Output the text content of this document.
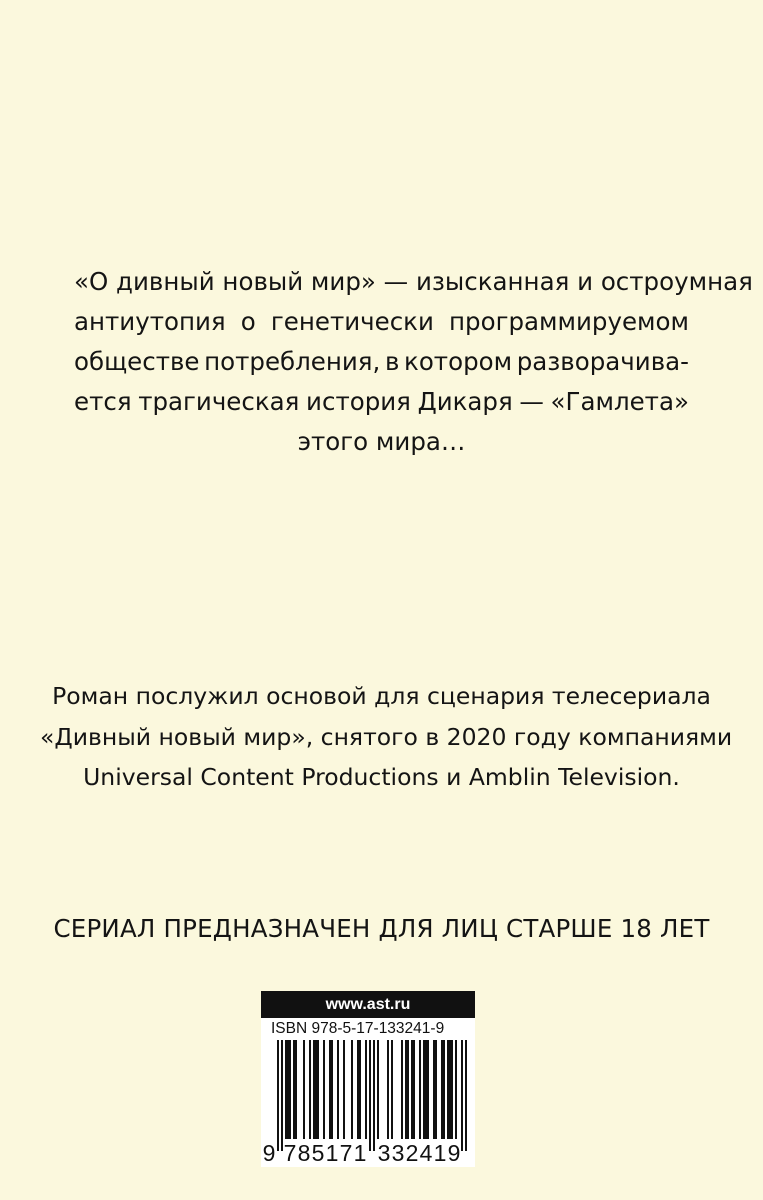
«О дивный новый мир» — изысканная и остроумная
антиутопия о генетически программируемом
обществе потребления, в котором разворачива-
ется трагическая история Дикаря — «Гамлета»
этого мира…
Роман послужил основой для сценария телесериала
«Дивный новый мир», снятого в 2020 году компаниями
Universal Content Productions и Amblin Television.
СЕРИАЛ ПРЕДНАЗНАЧЕН ДЛЯ ЛИЦ СТАРШЕ 18 ЛЕТ
www.ast.ru
ISBN 978-5-17-133241-9
9 7 8 5 1 7 1 3 3 2 4 1 9
